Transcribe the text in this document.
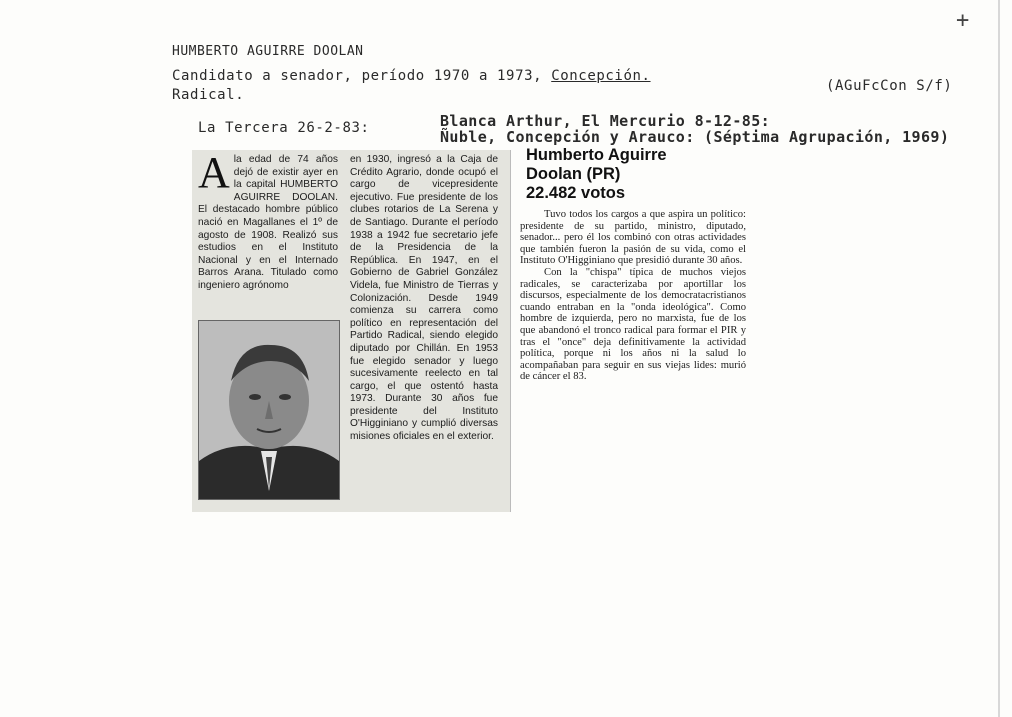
+
HUMBERTO AGUIRRE DOOLAN
Candidato a senador, período 1970 a 1973, Concepción.
Radical.
(AGuFcCon S/f)
La Tercera 26-2-83:	Blanca Arthur, El Mercurio 8-12-85:
Ñuble, Concepción y Arauco: (Séptima Agrupación, 1969)
A la edad de 74 años dejó de existir ayer en la capital HUMBERTO AGUIRRE DOOLAN. El destacado hombre público nació en Magallanes el 1º de agosto de 1908. Realizó sus estudios en el Instituto Nacional y en el Internado Barros Arana. Titulado como ingeniero agrónomo
en 1930, ingresó a la Caja de Crédito Agrario, donde ocupó el cargo de vicepresidente ejecutivo. Fue presidente de los clubes rotarios de La Serena y de Santiago. Durante el período 1938 a 1942 fue secretario jefe de la Presidencia de la República. En 1947, en el Gobierno de Gabriel González Videla, fue Ministro de Tierras y Colonización. Desde 1949 comienza su carrera como político en representación del Partido Radical, siendo elegido diputado por Chillán. En 1953 fue elegido senador y luego sucesivamente reelecto en tal cargo, el que ostentó hasta 1973. Durante 30 años fue presidente del Instituto O'Higginiano y cumplió diversas misiones oficiales en el exterior.
Humberto Aguirre
Doolan (PR)
22.482 votos

Tuvo todos los cargos a que aspira un político: presidente de su partido, ministro, diputado, senador... pero él los combinó con otras actividades que también fueron la pasión de su vida, como el Instituto O'Higginiano que presidió durante 30 años.

Con la "chispa" típica de muchos viejos radicales, se caracterizaba por aportillar los discursos, especialmente de los democratacristianos cuando entraban en la "onda ideológica". Como hombre de izquierda, pero no marxista, fue de los que abandonó el tronco radical para formar el PIR y tras el "once" deja definitivamente la actividad política, porque ni los años ni la salud lo acompañaban para seguir en sus viejas lides: murió de cáncer el 83.
